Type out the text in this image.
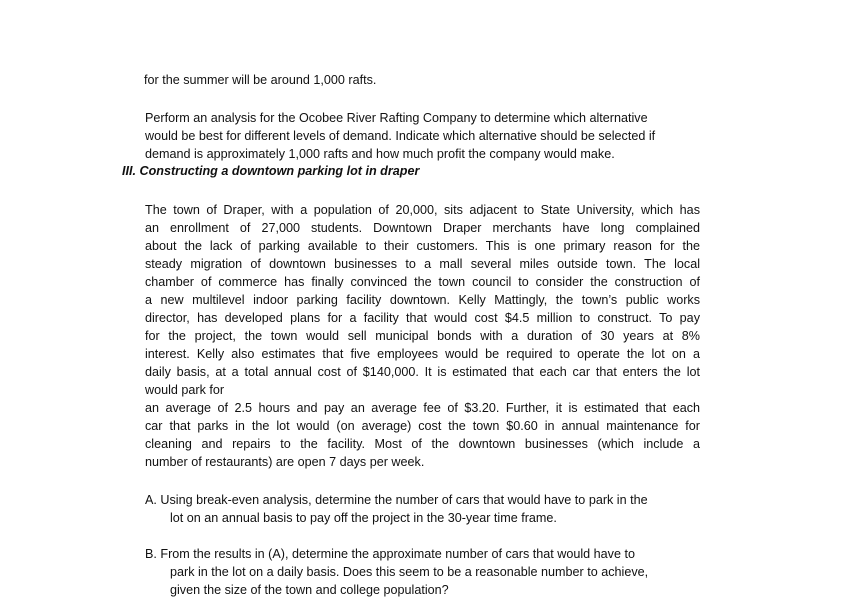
for the summer will be around 1,000 rafts.
Perform an analysis for the Ocobee River Rafting Company to determine which alternative
would be best for different levels of demand. Indicate which alternative should be selected if
demand is approximately 1,000 rafts and how much profit the company would make.
III. Constructing a downtown parking lot in draper
The town of Draper, with a population of 20,000, sits adjacent to State University, which has
an enrollment of 27,000 students. Downtown Draper merchants have long complained
about the lack of parking available to their customers. This is one primary reason for the
steady migration of downtown businesses to a mall several miles outside town. The local
chamber of commerce has finally convinced the town council to consider the construction of
a new multilevel indoor parking facility downtown. Kelly Mattingly, the town’s public works
director, has developed plans for a facility that would cost $4.5 million to construct. To pay
for the project, the town would sell municipal bonds with a duration of 30 years at 8%
interest. Kelly also estimates that five employees would be required to operate the lot on a
daily basis, at a total annual cost of $140,000. It is estimated that each car that enters the lot
would park for
an average of 2.5 hours and pay an average fee of $3.20. Further, it is estimated that each
car that parks in the lot would (on average) cost the town $0.60 in annual maintenance for
cleaning and repairs to the facility. Most of the downtown businesses (which include a
number of restaurants) are open 7 days per week.
A. Using break-even analysis, determine the number of cars that would have to park in the
lot on an annual basis to pay off the project in the 30-year time frame.
B. From the results in (A), determine the approximate number of cars that would have to
park in the lot on a daily basis. Does this seem to be a reasonable number to achieve,
given the size of the town and college population?
